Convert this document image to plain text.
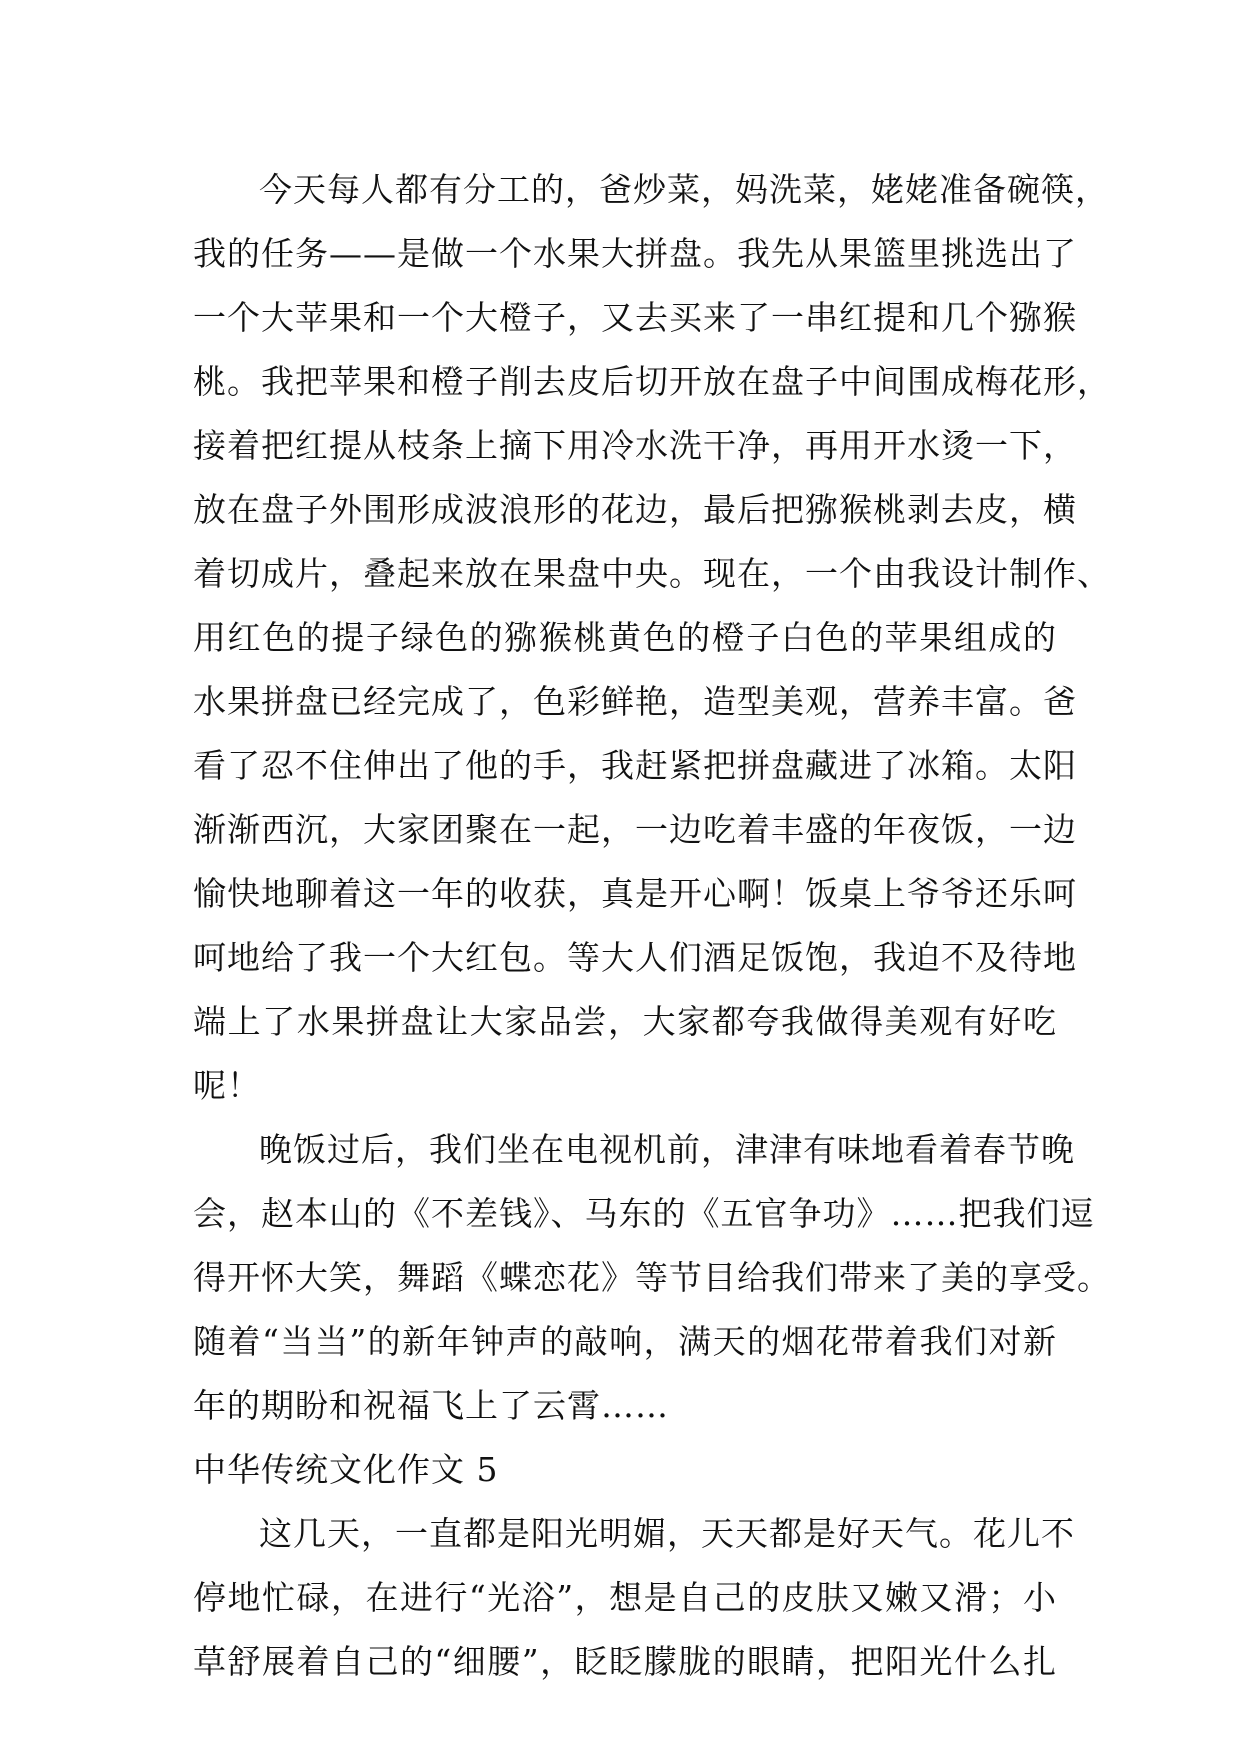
今天每人都有分工的，爸炒菜，妈洗菜，姥姥准备碗筷，
我的任务——是做一个水果大拼盘。我先从果篮里挑选出了
一个大苹果和一个大橙子，又去买来了一串红提和几个猕猴
桃。我把苹果和橙子削去皮后切开放在盘子中间围成梅花形，
接着把红提从枝条上摘下用冷水洗干净，再用开水烫一下，
放在盘子外围形成波浪形的花边，最后把猕猴桃剥去皮，横
着切成片，叠起来放在果盘中央。现在，一个由我设计制作、
用红色的提子绿色的猕猴桃黄色的橙子白色的苹果组成的
水果拼盘已经完成了，色彩鲜艳，造型美观，营养丰富。爸
看了忍不住伸出了他的手，我赶紧把拼盘藏进了冰箱。太阳
渐渐西沉，大家团聚在一起，一边吃着丰盛的年夜饭，一边
愉快地聊着这一年的收获，真是开心啊！饭桌上爷爷还乐呵
呵地给了我一个大红包。等大人们酒足饭饱，我迫不及待地
端上了水果拼盘让大家品尝，大家都夸我做得美观有好吃
呢！
晚饭过后，我们坐在电视机前，津津有味地看着春节晚
会，赵本山的《不差钱》、马东的《五官争功》……把我们逗
得开怀大笑，舞蹈《蝶恋花》等节目给我们带来了美的享受。
随着“当当”的新年钟声的敲响，满天的烟花带着我们对新
年的期盼和祝福飞上了云霄……
中华传统文化作文 5
这几天，一直都是阳光明媚，天天都是好天气。花儿不
停地忙碌，在进行“光浴”，想是自己的皮肤又嫩又滑；小
草舒展着自己的“细腰”，眨眨朦胧的眼睛，把阳光什么扎
